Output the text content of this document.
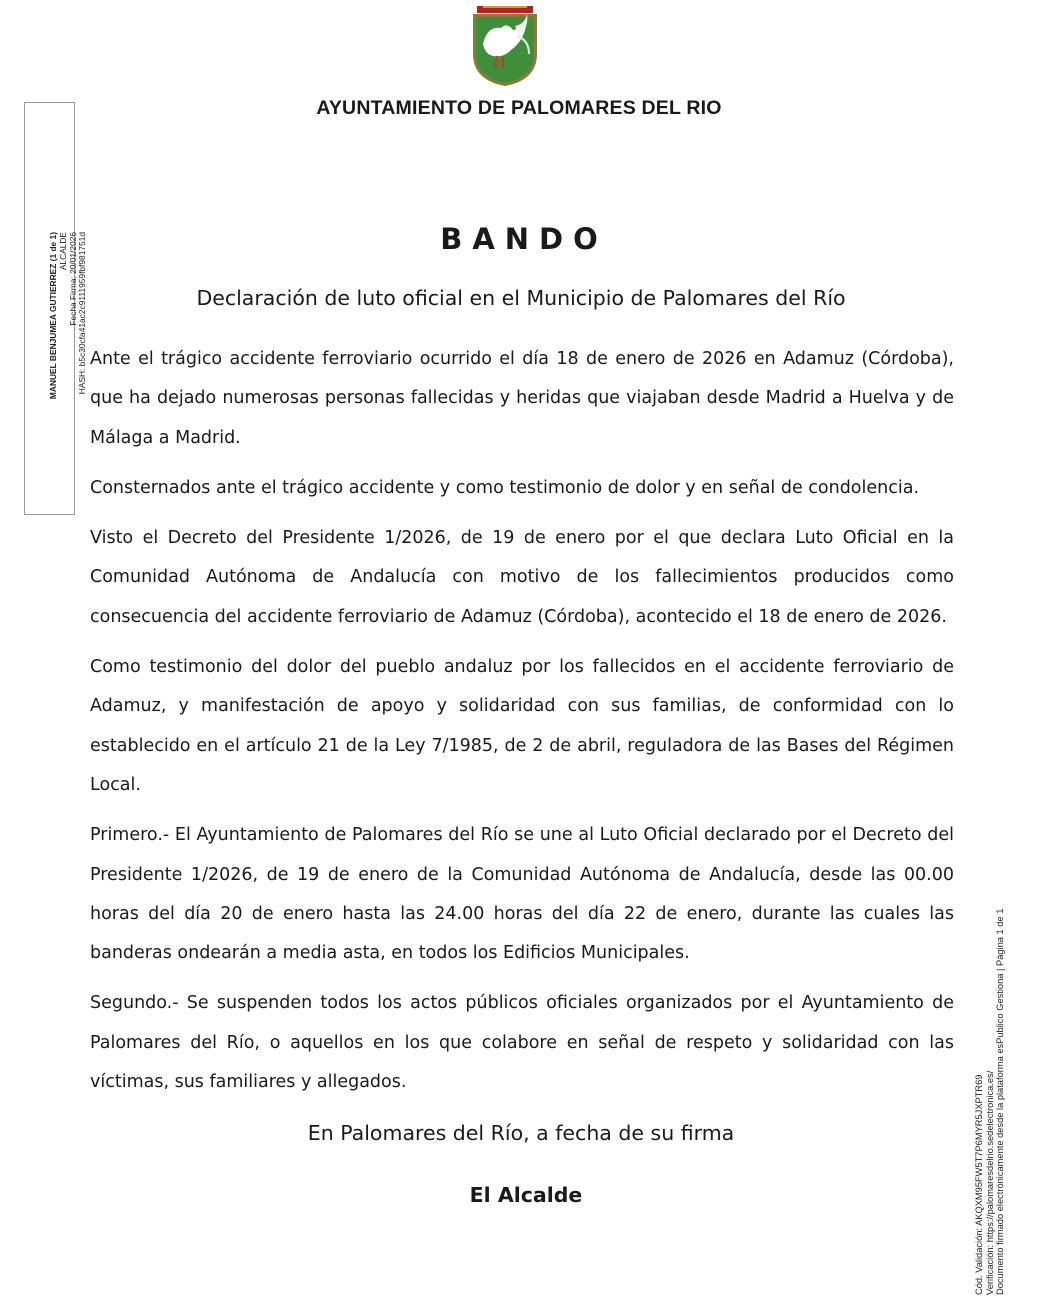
AYUNTAMIENTO DE PALOMARES DEL RIO
MANUEL BENJUMEA GUTIERREZ (1 de 1) ALCALDE Fecha Firma: 20/01/2026 HASH: b5c30cfa41ac2c9111959fbf981751d	BANDO
Declaración de luto oficial en el Municipio de Palomares del Río

Ante el trágico accidente ferroviario ocurrido el día 18 de enero de 2026 en Adamuz (Córdoba), que ha dejado numerosas personas fallecidas y heridas que viajaban desde Madrid a Huelva y de Málaga a Madrid.

Consternados ante el trágico accidente y como testimonio de dolor y en señal de condolencia.

Visto el Decreto del Presidente 1/2026, de 19 de enero por el que declara Luto Oficial en la Comunidad Autónoma de Andalucía con motivo de los fallecimientos producidos como consecuencia del accidente ferroviario de Adamuz (Córdoba), acontecido el 18 de enero de 2026.

Como testimonio del dolor del pueblo andaluz por los fallecidos en el accidente ferroviario de Adamuz, y manifestación de apoyo y solidaridad con sus familias, de conformidad con lo establecido en el artículo 21 de la Ley 7/1985, de 2 de abril, reguladora de las Bases del Régimen Local.

Primero.- El Ayuntamiento de Palomares del Río se une al Luto Oficial declarado por el Decreto del Presidente 1/2026, de 19 de enero de la Comunidad Autónoma de Andalucía, desde las 00.00 horas del día 20 de enero hasta las 24.00 horas del día 22 de enero, durante las cuales las banderas ondearán a media asta, en todos los Edificios Municipales.

Segundo.- Se suspenden todos los actos públicos oficiales organizados por el Ayuntamiento de Palomares del Río, o aquellos en los que colabore en señal de respeto y solidaridad con las víctimas, sus familiares y allegados.

En Palomares del Río, a fecha de su firma
El Alcalde	Cód. Validación: AKQXM95FW5T7P6MYR5JXPTR69 Verificación: https://palomaresdelrio.sedelectronica.es/ Documento firmado electrónicamente desde la plataforma esPublico Gestiona | Página 1 de 1
